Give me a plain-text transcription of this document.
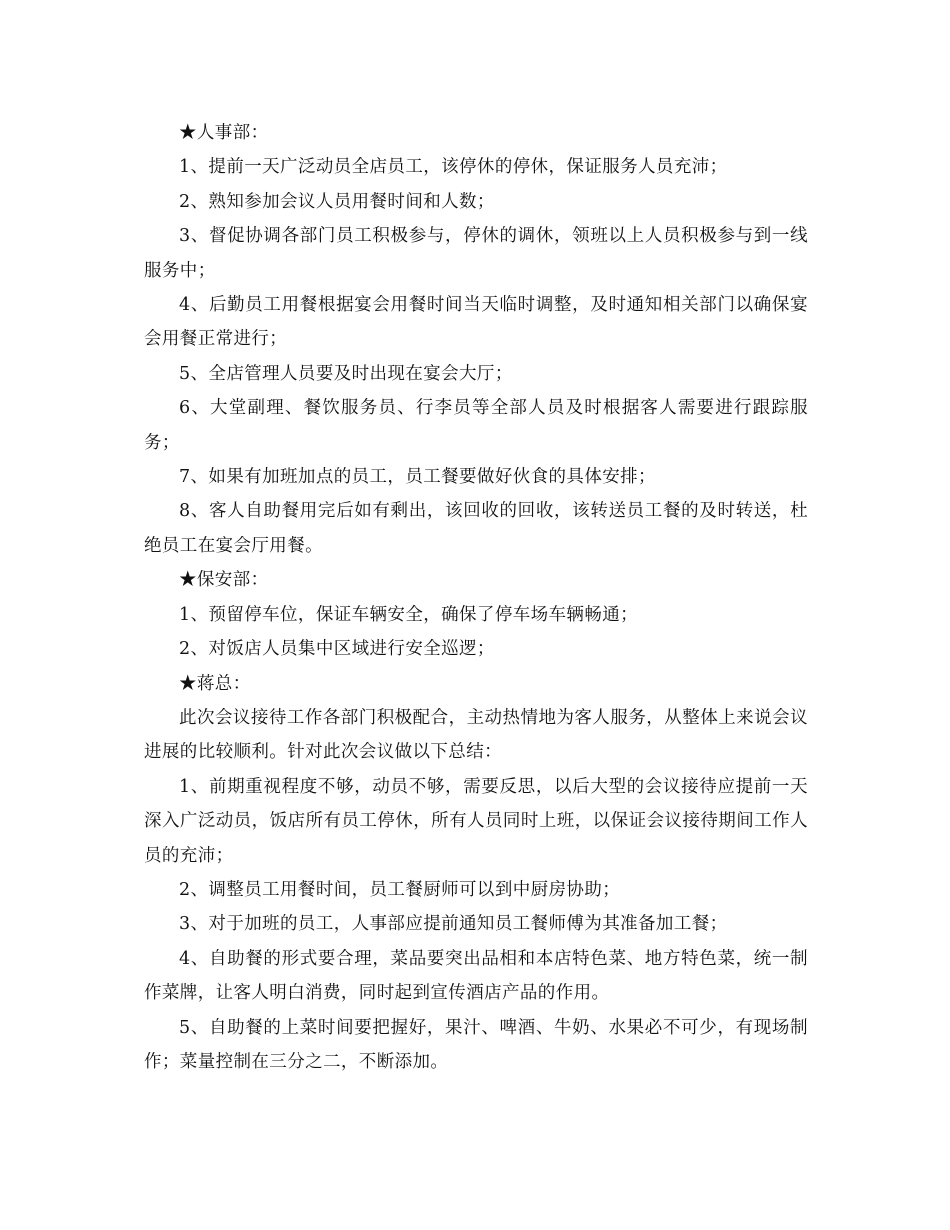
★人事部：

1、提前一天广泛动员全店员工，该停休的停休，保证服务人员充沛；

2、熟知参加会议人员用餐时间和人数；

3、督促协调各部门员工积极参与，停休的调休，领班以上人员积极参与到一线服务中；

4、后勤员工用餐根据宴会用餐时间当天临时调整，及时通知相关部门以确保宴会用餐正常进行；

5、全店管理人员要及时出现在宴会大厅；

6、大堂副理、餐饮服务员、行李员等全部人员及时根据客人需要进行跟踪服务；

7、如果有加班加点的员工，员工餐要做好伙食的具体安排；

8、客人自助餐用完后如有剩出，该回收的回收，该转送员工餐的及时转送，杜绝员工在宴会厅用餐。

★保安部：

1、预留停车位，保证车辆安全，确保了停车场车辆畅通；

2、对饭店人员集中区域进行安全巡逻；

★蒋总：

此次会议接待工作各部门积极配合，主动热情地为客人服务，从整体上来说会议进展的比较顺利。针对此次会议做以下总结：

1、前期重视程度不够，动员不够，需要反思，以后大型的会议接待应提前一天深入广泛动员，饭店所有员工停休，所有人员同时上班，以保证会议接待期间工作人员的充沛；

2、调整员工用餐时间，员工餐厨师可以到中厨房协助；

3、对于加班的员工，人事部应提前通知员工餐师傅为其准备加工餐；

4、自助餐的形式要合理，菜品要突出品相和本店特色菜、地方特色菜，统一制作菜牌，让客人明白消费，同时起到宣传酒店产品的作用。

5、自助餐的上菜时间要把握好，果汁、啤酒、牛奶、水果必不可少，有现场制作；菜量控制在三分之二，不断添加。
